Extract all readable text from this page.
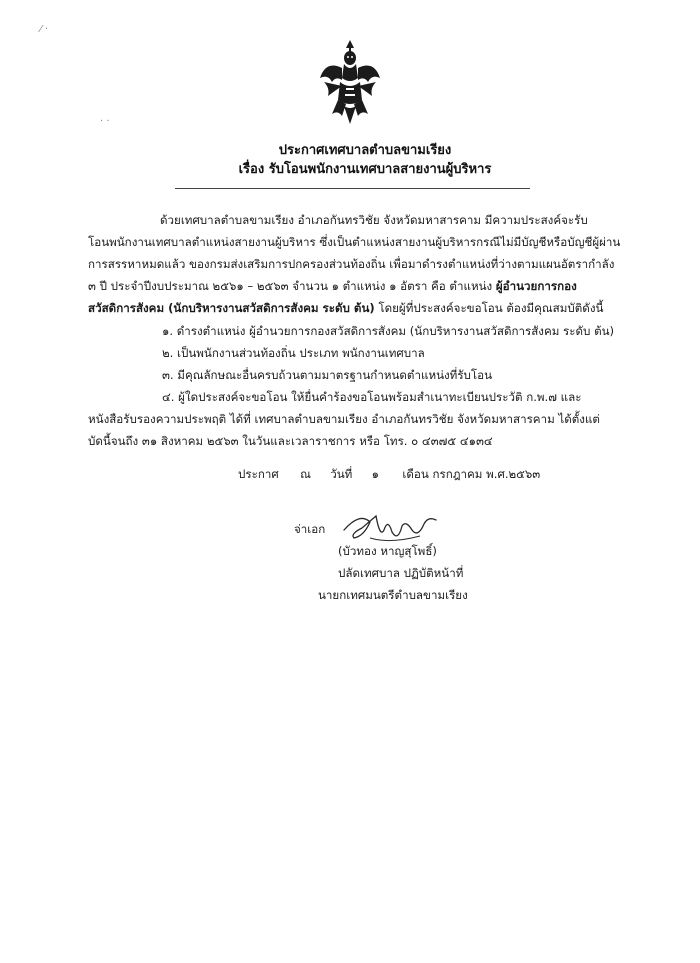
⁄ ·
· ·
ประกาศเทศบาลตำบลขามเรียง
เรื่อง รับโอนพนักงานเทศบาลสายงานผู้บริหาร
ด้วยเทศบาลตำบลขามเรียง อำเภอกันทรวิชัย จังหวัดมหาสารคาม มีความประสงค์จะรับ
โอนพนักงานเทศบาลตำแหน่งสายงานผู้บริหาร ซึ่งเป็นตำแหน่งสายงานผู้บริหารกรณีไม่มีบัญชีหรือบัญชีผู้ผ่าน
การสรรหาหมดแล้ว ของกรมส่งเสริมการปกครองส่วนท้องถิ่น เพื่อมาดำรงตำแหน่งที่ว่างตามแผนอัตรากำลัง
๓ ปี ประจำปีงบประมาณ ๒๕๖๑ – ๒๕๖๓ จำนวน ๑ ตำแหน่ง ๑ อัตรา คือ ตำแหน่ง ผู้อำนวยการกอง
สวัสดิการสังคม (นักบริหารงานสวัสดิการสังคม ระดับ ต้น) โดยผู้ที่ประสงค์จะขอโอน ต้องมีคุณสมบัติดังนี้
๑. ดำรงตำแหน่ง ผู้อำนวยการกองสวัสดิการสังคม (นักบริหารงานสวัสดิการสังคม ระดับ ต้น)
๒. เป็นพนักงานส่วนท้องถิ่น ประเภท พนักงานเทศบาล
๓. มีคุณลักษณะอื่นครบถ้วนตามมาตรฐานกำหนดตำแหน่งที่รับโอน
๔. ผู้ใดประสงค์จะขอโอน ให้ยื่นคำร้องขอโอนพร้อมสำเนาทะเบียนประวัติ ก.พ.๗ และ
หนังสือรับรองความประพฤติ ได้ที่ เทศบาลตำบลขามเรียง อำเภอกันทรวิชัย จังหวัดมหาสารคาม ได้ตั้งแต่
บัดนี้จนถึง ๓๑ สิงหาคม ๒๕๖๓ ในวันและเวลาราชการ หรือ โทร. ๐ ๔๓๗๕ ๔๑๓๔
ประกาศ ณ วันที่ ๑ เดือน กรกฎาคม พ.ศ.๒๕๖๓
จ่าเอก
(บัวทอง หาญสุโพธิ์)
ปลัดเทศบาล ปฏิบัติหน้าที่
นายกเทศมนตรีตำบลขามเรียง
